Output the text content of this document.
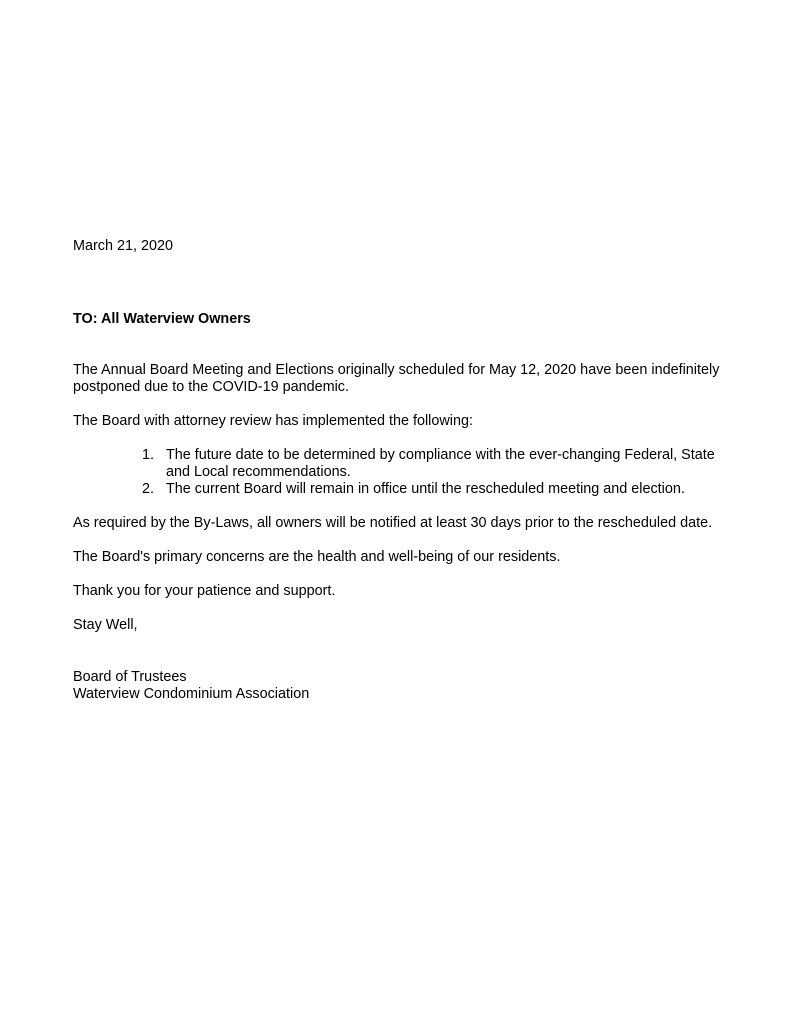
March 21, 2020

TO: All Waterview Owners

The Annual Board Meeting and Elections originally scheduled for May 12, 2020 have been indefinitely postponed due to the COVID-19 pandemic.

The Board with attorney review has implemented the following:

1. The future date to be determined by compliance with the ever-changing Federal, State and Local recommendations.
2. The current Board will remain in office until the rescheduled meeting and election.

As required by the By-Laws, all owners will be notified at least 30 days prior to the rescheduled date.

The Board's primary concerns are the health and well-being of our residents.

Thank you for your patience and support.

Stay Well,

Board of Trustees

Waterview Condominium Association
